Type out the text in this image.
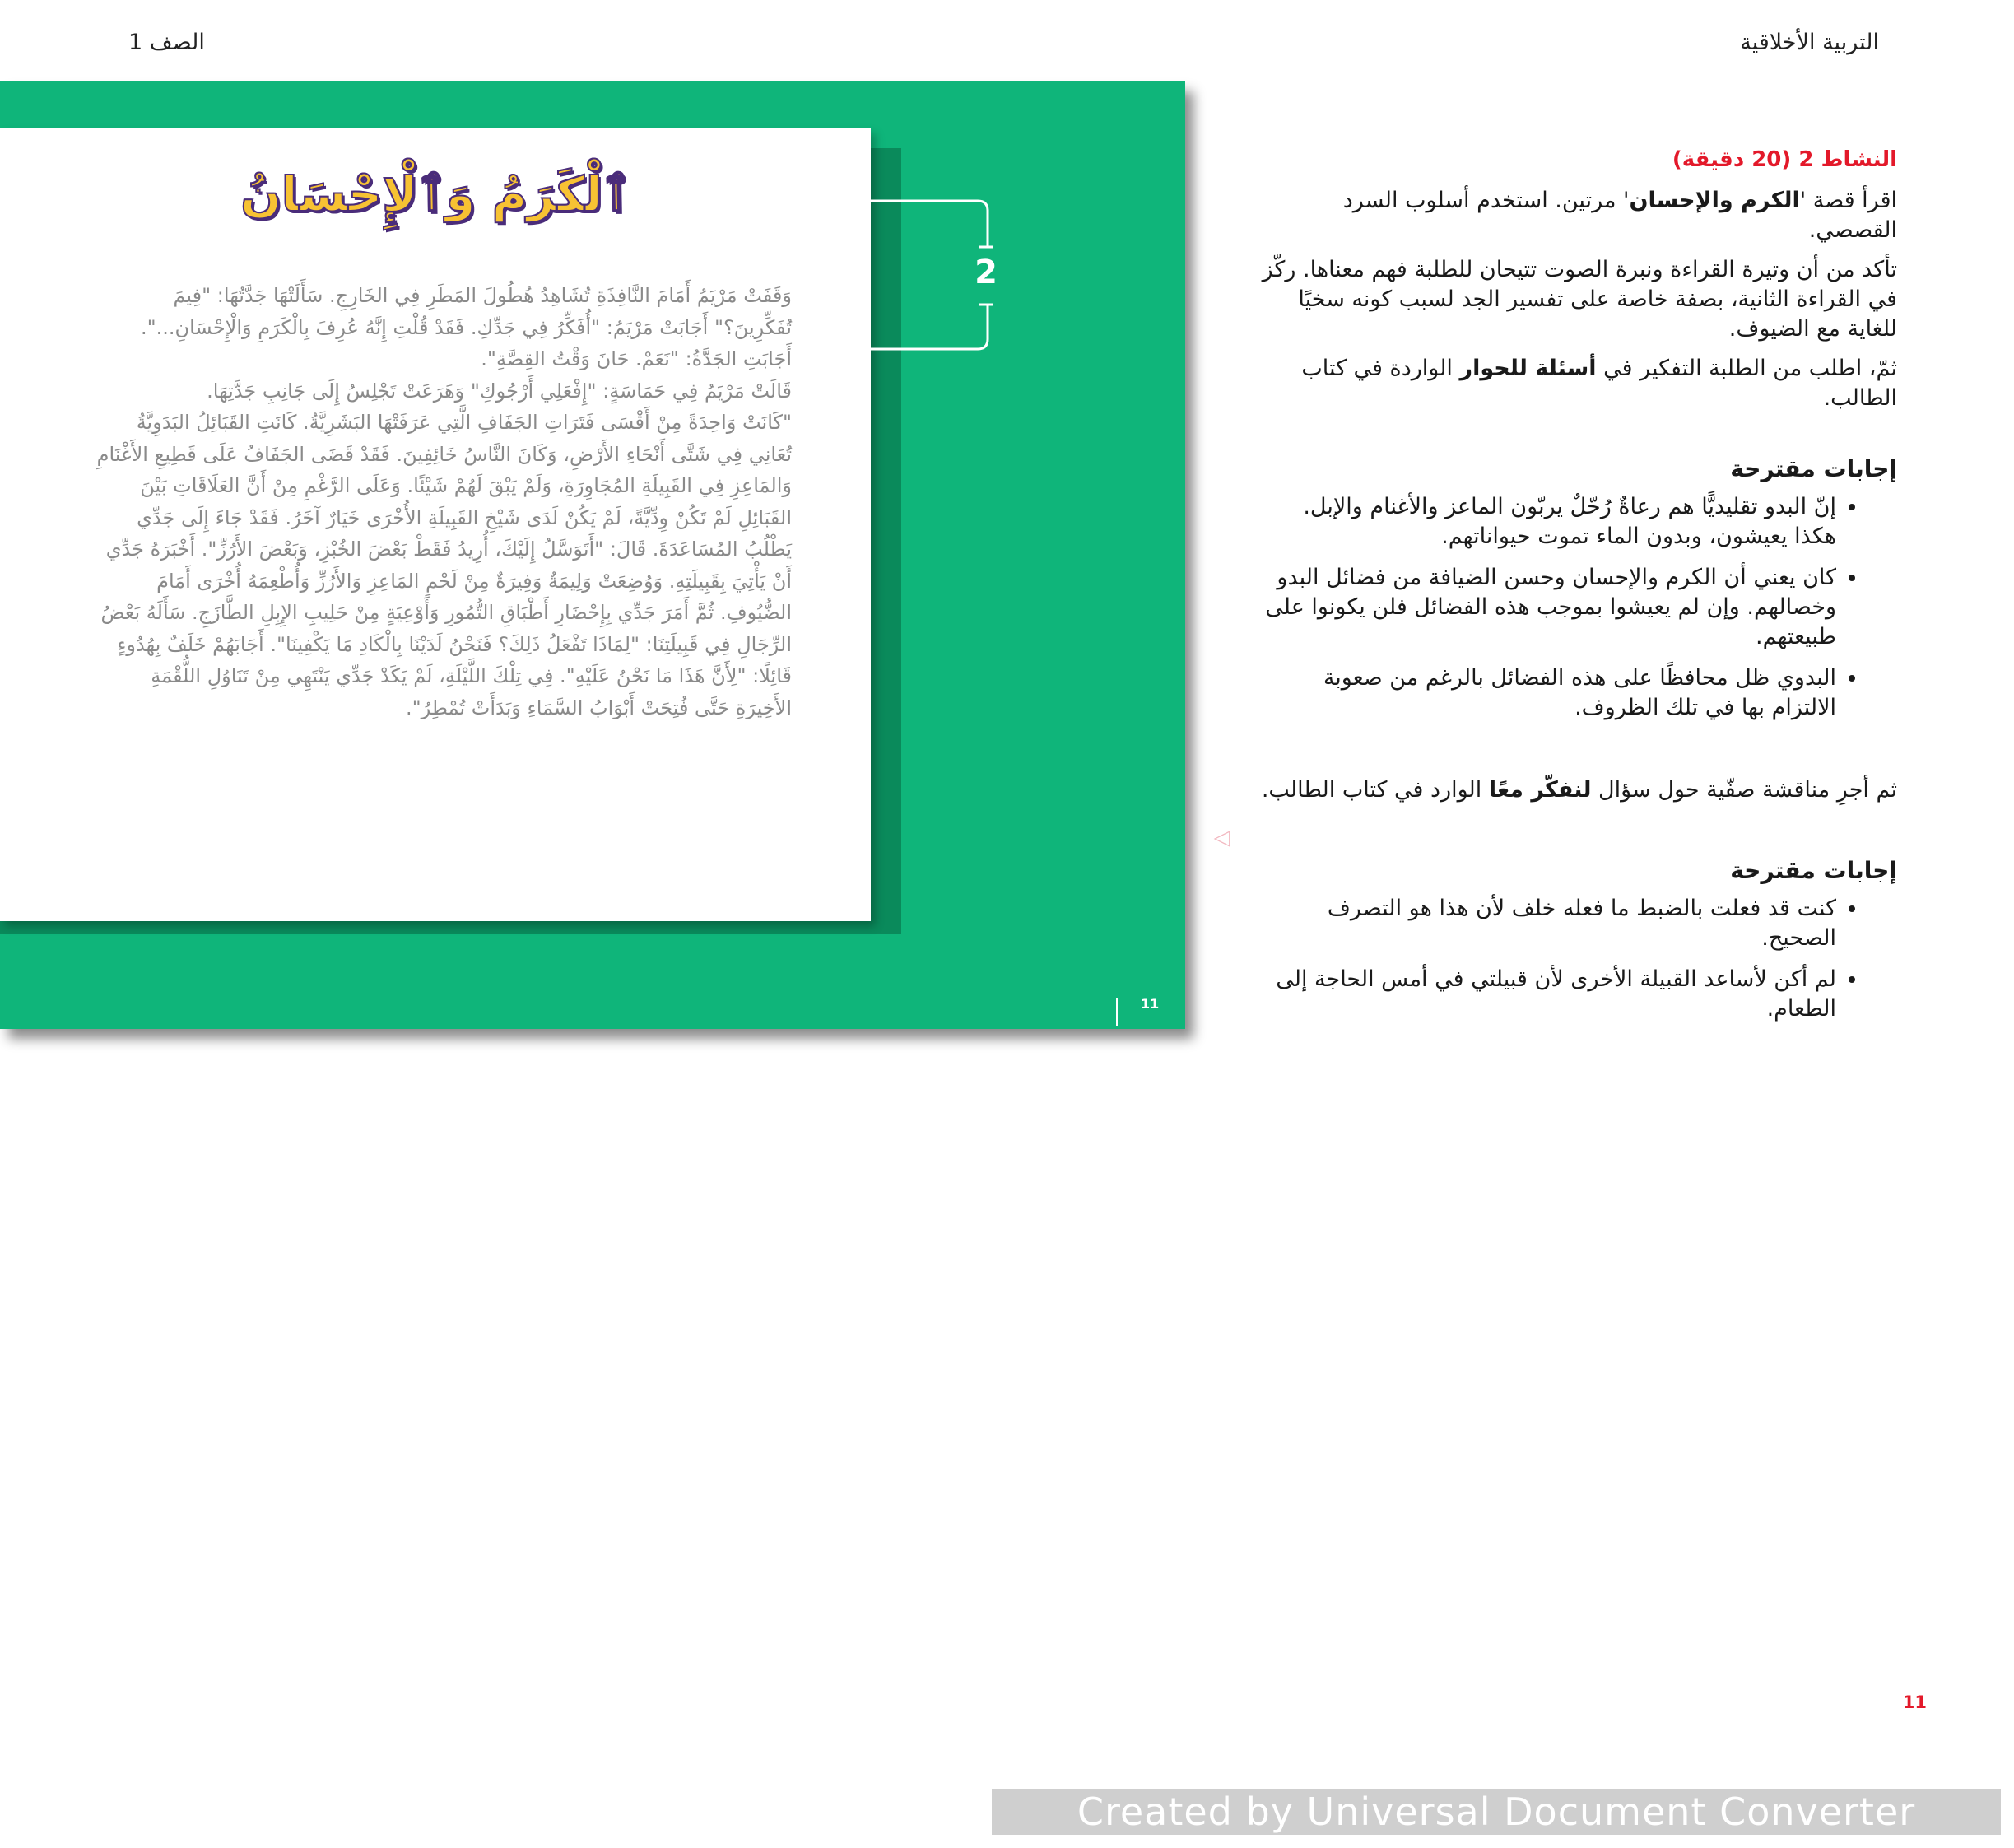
التربية الأخلاقية
الصف 1
ٱلْكَرَمُ وَٱلْإِحْسَانُ

وَقَفَتْ مَرْيَمُ أَمَامَ النَّافِذَةِ تُشَاهِدُ هُطُولَ المَطَرِ فِي الخَارِجِ. سَأَلَتْهَا جَدَّتُهَا: "فِيمَ تُفَكِّرِينَ؟" أَجَابَتْ مَرْيَمُ: "أُفَكِّرُ فِي جَدِّكِ. فَقَدْ قُلْتِ إِنَّهُ عُرِفَ بِالْكَرَمِ وَالْإِحْسَانِ...".

أَجَابَتِ الجَدَّةُ: "نَعَمْ. حَانَ وَقْتُ القِصَّةِ".

قَالَتْ مَرْيَمُ فِي حَمَاسَةٍ: "إِفْعَلِي أَرْجُوكِ" وَهَرَعَتْ تَجْلِسُ إِلَى جَانِبِ جَدَّتِهَا.

"كَانَتْ وَاحِدَةً مِنْ أَقْسَى فَتَرَاتِ الجَفَافِ الَّتِي عَرَفَتْهَا البَشَرِيَّةُ. كَانَتِ القَبَائِلُ البَدَوِيَّةُ تُعَانِي فِي شَتَّى أَنْحَاءِ الأَرْضِ، وَكَانَ النَّاسُ خَائِفِينَ. فَقَدْ قَضَى الجَفَافُ عَلَى قَطِيعِ الأَغْنَامِ وَالمَاعِزِ فِي القَبِيلَةِ المُجَاوِرَةِ، وَلَمْ يَبْقَ لَهُمْ شَيْئًا. وَعَلَى الرَّغْمِ مِنْ أَنَّ العَلَاقَاتِ بَيْنَ القَبَائِلِ لَمْ تَكُنْ وِدِّيَّةً، لَمْ يَكُنْ لَدَى شَيْخِ القَبِيلَةِ الأُخْرَى خَيَارٌ آخَرُ. فَقَدْ جَاءَ إِلَى جَدِّي يَطْلُبُ المُسَاعَدَةَ. قَالَ: "أَتَوَسَّلُ إِلَيْكَ، أُرِيدُ فَقَطْ بَعْضَ الخُبْزِ، وَبَعْضَ الأَرُزِّ". أَخْبَرَهُ جَدِّي أَنْ يَأْتِيَ بِقَبِيلَتِهِ. وَوُضِعَتْ وَلِيمَةٌ وَفِيرَةٌ مِنْ لَحْمِ المَاعِزِ وَالأَرُزِّ وَأُطْعِمَهُ أُخْرَى أَمَامَ الضُّيُوفِ. ثُمَّ أَمَرَ جَدِّي بِإِحْضَارِ أَطْبَاقِ التُّمُورِ وَأَوْعِيَةٍ مِنْ حَلِيبِ الإِبِلِ الطَّازَجِ. سَأَلَهُ بَعْضُ الرِّجَالِ فِي قَبِيلَتِنَا: "لِمَاذَا تَفْعَلُ ذَلِكَ؟ فَنَحْنُ لَدَيْنَا بِالْكَادِ مَا يَكْفِينَا". أَجَابَهُمْ خَلَفٌ بِهُدُوءٍ قَائِلًا: "لِأَنَّ هَذَا مَا نَحْنُ عَلَيْهِ". فِي تِلْكَ اللَّيْلَةِ، لَمْ يَكَدْ جَدِّي يَنْتَهِي مِنْ تَنَاوُلِ اللُّقْمَةِ الأَخِيرَةِ حَتَّى فُتِحَتْ أَبْوَابُ السَّمَاءِ وَبَدَأَتْ تُمْطِرُ".

2
11
▽

النشاط 2 (20 دقيقة)

اقرأ قصة 'الكرم والإحسان' مرتين. استخدم أسلوب السرد القصصي.

تأكد من أن وتيرة القراءة ونبرة الصوت تتيحان للطلبة فهم معناها. ركّز في القراءة الثانية، بصفة خاصة على تفسير الجد لسبب كونه سخيًا للغاية مع الضيوف.

ثمّ، اطلب من الطلبة التفكير في أسئلة للحوار الواردة في كتاب الطالب.

إجابات مقترحة

• إنّ البدو تقليديًّا هم رعاةٌ رُحّلٌ يربّون الماعز والأغنام والإبل. هكذا يعيشون، وبدون الماء تموت حيواناتهم.
• كان يعني أن الكرم والإحسان وحسن الضيافة من فضائل البدو وخصالهم. وإن لم يعيشوا بموجب هذه الفضائل فلن يكونوا على طبيعتهم.
• البدوي ظل محافظًا على هذه الفضائل بالرغم من صعوبة الالتزام بها في تلك الظروف.

ثم أجرِ مناقشة صفّية حول سؤال لنفكّر معًا الوارد في كتاب الطالب.

إجابات مقترحة

• كنت قد فعلت بالضبط ما فعله خلف لأن هذا هو التصرف الصحيح.
• لم أكن لأساعد القبيلة الأخرى لأن قبيلتي في أمس الحاجة إلى الطعام.
11
Created by Universal Document Converter
